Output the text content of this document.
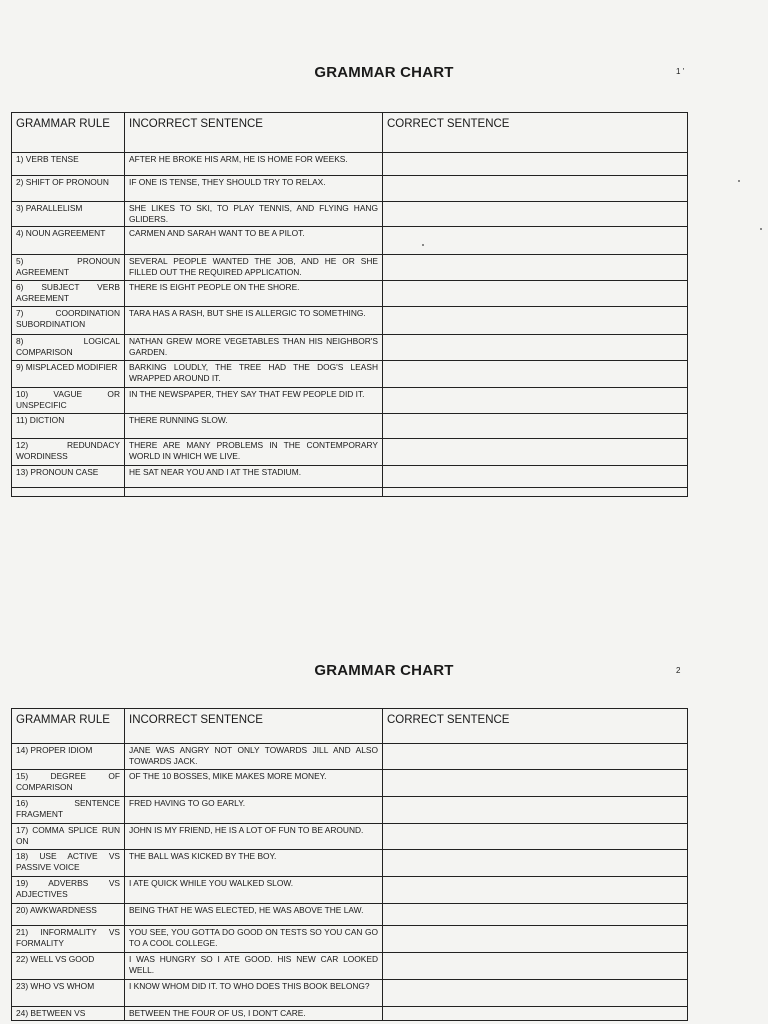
GRAMMAR CHART	1 '
GRAMMAR RULE	INCORRECT SENTENCE	CORRECT SENTENCE
1) VERB TENSE	AFTER HE BROKE HIS ARM, HE IS HOME FOR WEEKS.	
2) SHIFT OF PRONOUN	IF ONE IS TENSE, THEY SHOULD TRY TO RELAX.	
3) PARALLELISM	SHE LIKES TO SKI, TO PLAY TENNIS, AND FLYING HANG GLIDERS.	
4) NOUN AGREEMENT	CARMEN AND SARAH WANT TO BE A PILOT.	
5) PRONOUN AGREEMENT	SEVERAL PEOPLE WANTED THE JOB, AND HE OR SHE FILLED OUT THE REQUIRED APPLICATION.	
6) SUBJECT VERB AGREEMENT	THERE IS EIGHT PEOPLE ON THE SHORE.	
7) COORDINATION SUBORDINATION	TARA HAS A RASH, BUT SHE IS ALLERGIC TO SOMETHING.	
8) LOGICAL COMPARISON	NATHAN GREW MORE VEGETABLES THAN HIS NEIGHBOR'S GARDEN.	
9) MISPLACED MODIFIER	BARKING LOUDLY, THE TREE HAD THE DOG'S LEASH WRAPPED AROUND IT.	
10) VAGUE OR UNSPECIFIC	IN THE NEWSPAPER, THEY SAY THAT FEW PEOPLE DID IT.	
11) DICTION	THERE RUNNING SLOW.	
12) REDUNDACY WORDINESS	THERE ARE MANY PROBLEMS IN THE CONTEMPORARY WORLD IN WHICH WE LIVE.	
13) PRONOUN CASE	HE SAT NEAR YOU AND I AT THE STADIUM.	

GRAMMAR CHART	2
GRAMMAR RULE	INCORRECT SENTENCE	CORRECT SENTENCE
14) PROPER IDIOM	JANE WAS ANGRY NOT ONLY TOWARDS JILL AND ALSO TOWARDS JACK.	
15) DEGREE OF COMPARISON	OF THE 10 BOSSES, MIKE MAKES MORE MONEY.	
16) SENTENCE FRAGMENT	FRED HAVING TO GO EARLY.	
17) COMMA SPLICE RUN ON	JOHN IS MY FRIEND, HE IS A LOT OF FUN TO BE AROUND.	
18) USE ACTIVE VS PASSIVE VOICE	THE BALL WAS KICKED BY THE BOY.	
19) ADVERBS VS ADJECTIVES	I ATE QUICK WHILE YOU WALKED SLOW.	
20) AWKWARDNESS	BEING THAT HE WAS ELECTED, HE WAS ABOVE THE LAW.	
21) INFORMALITY VS FORMALITY	YOU SEE, YOU GOTTA DO GOOD ON TESTS SO YOU CAN GO TO A COOL COLLEGE.	
22) WELL VS GOOD	I WAS HUNGRY SO I ATE GOOD. HIS NEW CAR LOOKED WELL.	
23) WHO VS WHOM	I KNOW WHOM DID IT. TO WHO DOES THIS BOOK BELONG?	
24) BETWEEN VS	BETWEEN THE FOUR OF US, I DON'T CARE.	
